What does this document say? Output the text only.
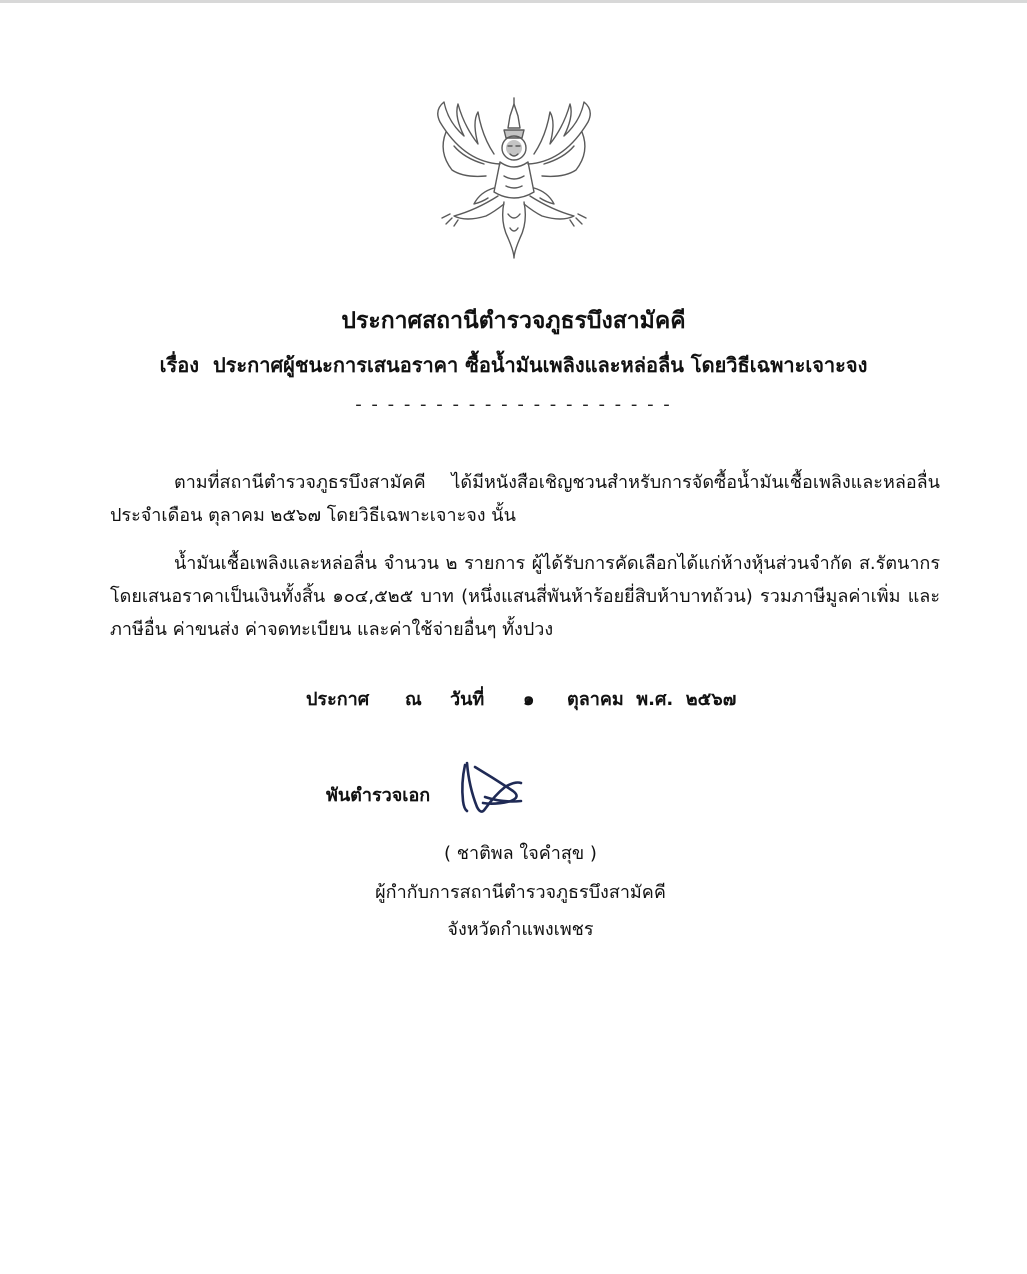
ประกาศสถานีตำรวจภูธรบึงสามัคคี
เรื่อง ประกาศผู้ชนะการเสนอราคา ซื้อน้ำมันเพลิงและหล่อลื่น โดยวิธีเฉพาะเจาะจง
- - - - - - - - - - - - - - - - - - - -
ตามที่สถานีตำรวจภูธรบึงสามัคคี ได้มีหนังสือเชิญชวนสำหรับการจัดซื้อน้ำมันเชื้อเพลิงและหล่อลื่น ประจำเดือน ตุลาคม ๒๕๖๗ โดยวิธีเฉพาะเจาะจง นั้น
น้ำมันเชื้อเพลิงและหล่อลื่น จำนวน ๒ รายการ ผู้ได้รับการคัดเลือกได้แก่ห้างหุ้นส่วนจำกัด ส.รัตนากร โดยเสนอราคาเป็นเงินทั้งสิ้น ๑๐๔,๕๒๕ บาท (หนึ่งแสนสี่พันห้าร้อยยี่สิบห้าบาทถ้วน) รวมภาษีมูลค่าเพิ่ม และภาษีอื่น ค่าขนส่ง ค่าจดทะเบียน และค่าใช้จ่ายอื่นๆ ทั้งปวง
ประกาศ ณ วันที่ ๑ ตุลาคม พ.ศ. ๒๕๖๗
พันตำรวจเอก
( ชาติพล ใจคำสุข )
ผู้กำกับการสถานีตำรวจภูธรบึงสามัคคี
จังหวัดกำแพงเพชร
